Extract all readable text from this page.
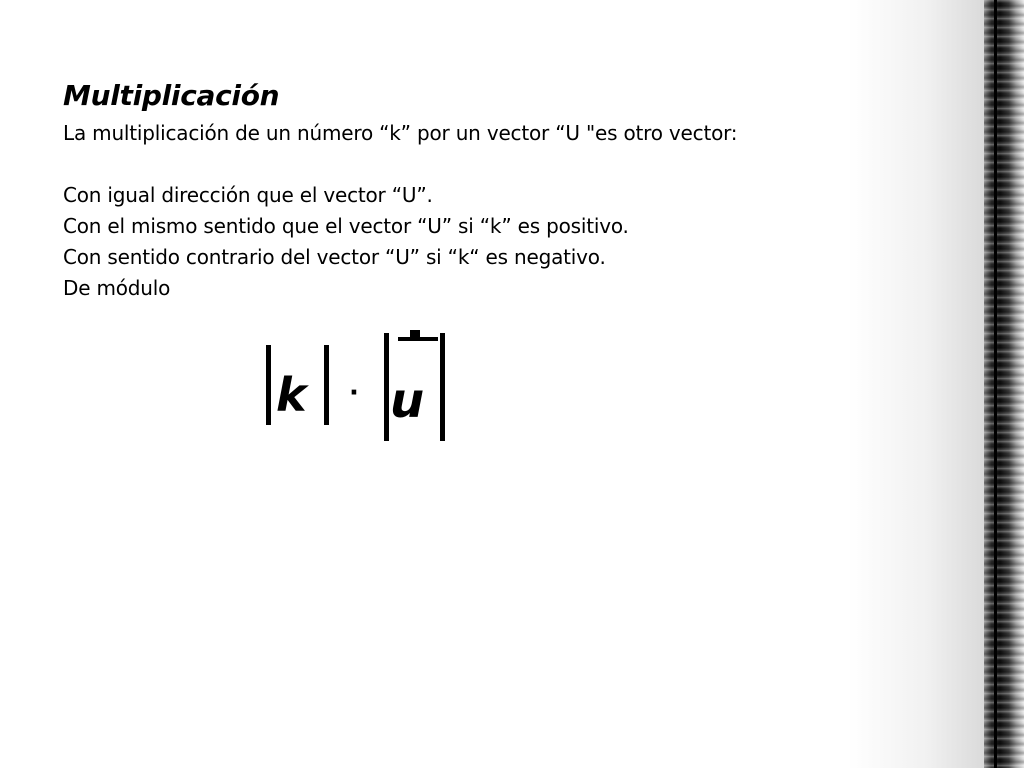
Multiplicación

La multiplicación de un número “k” por un vector “U "es otro vector:

Con igual dirección que el vector “U”.

Con el mismo sentido que el vector “U” si “k” es positivo.

Con sentido contrario del vector “U” si “k“ es negativo.

De módulo

k · u
